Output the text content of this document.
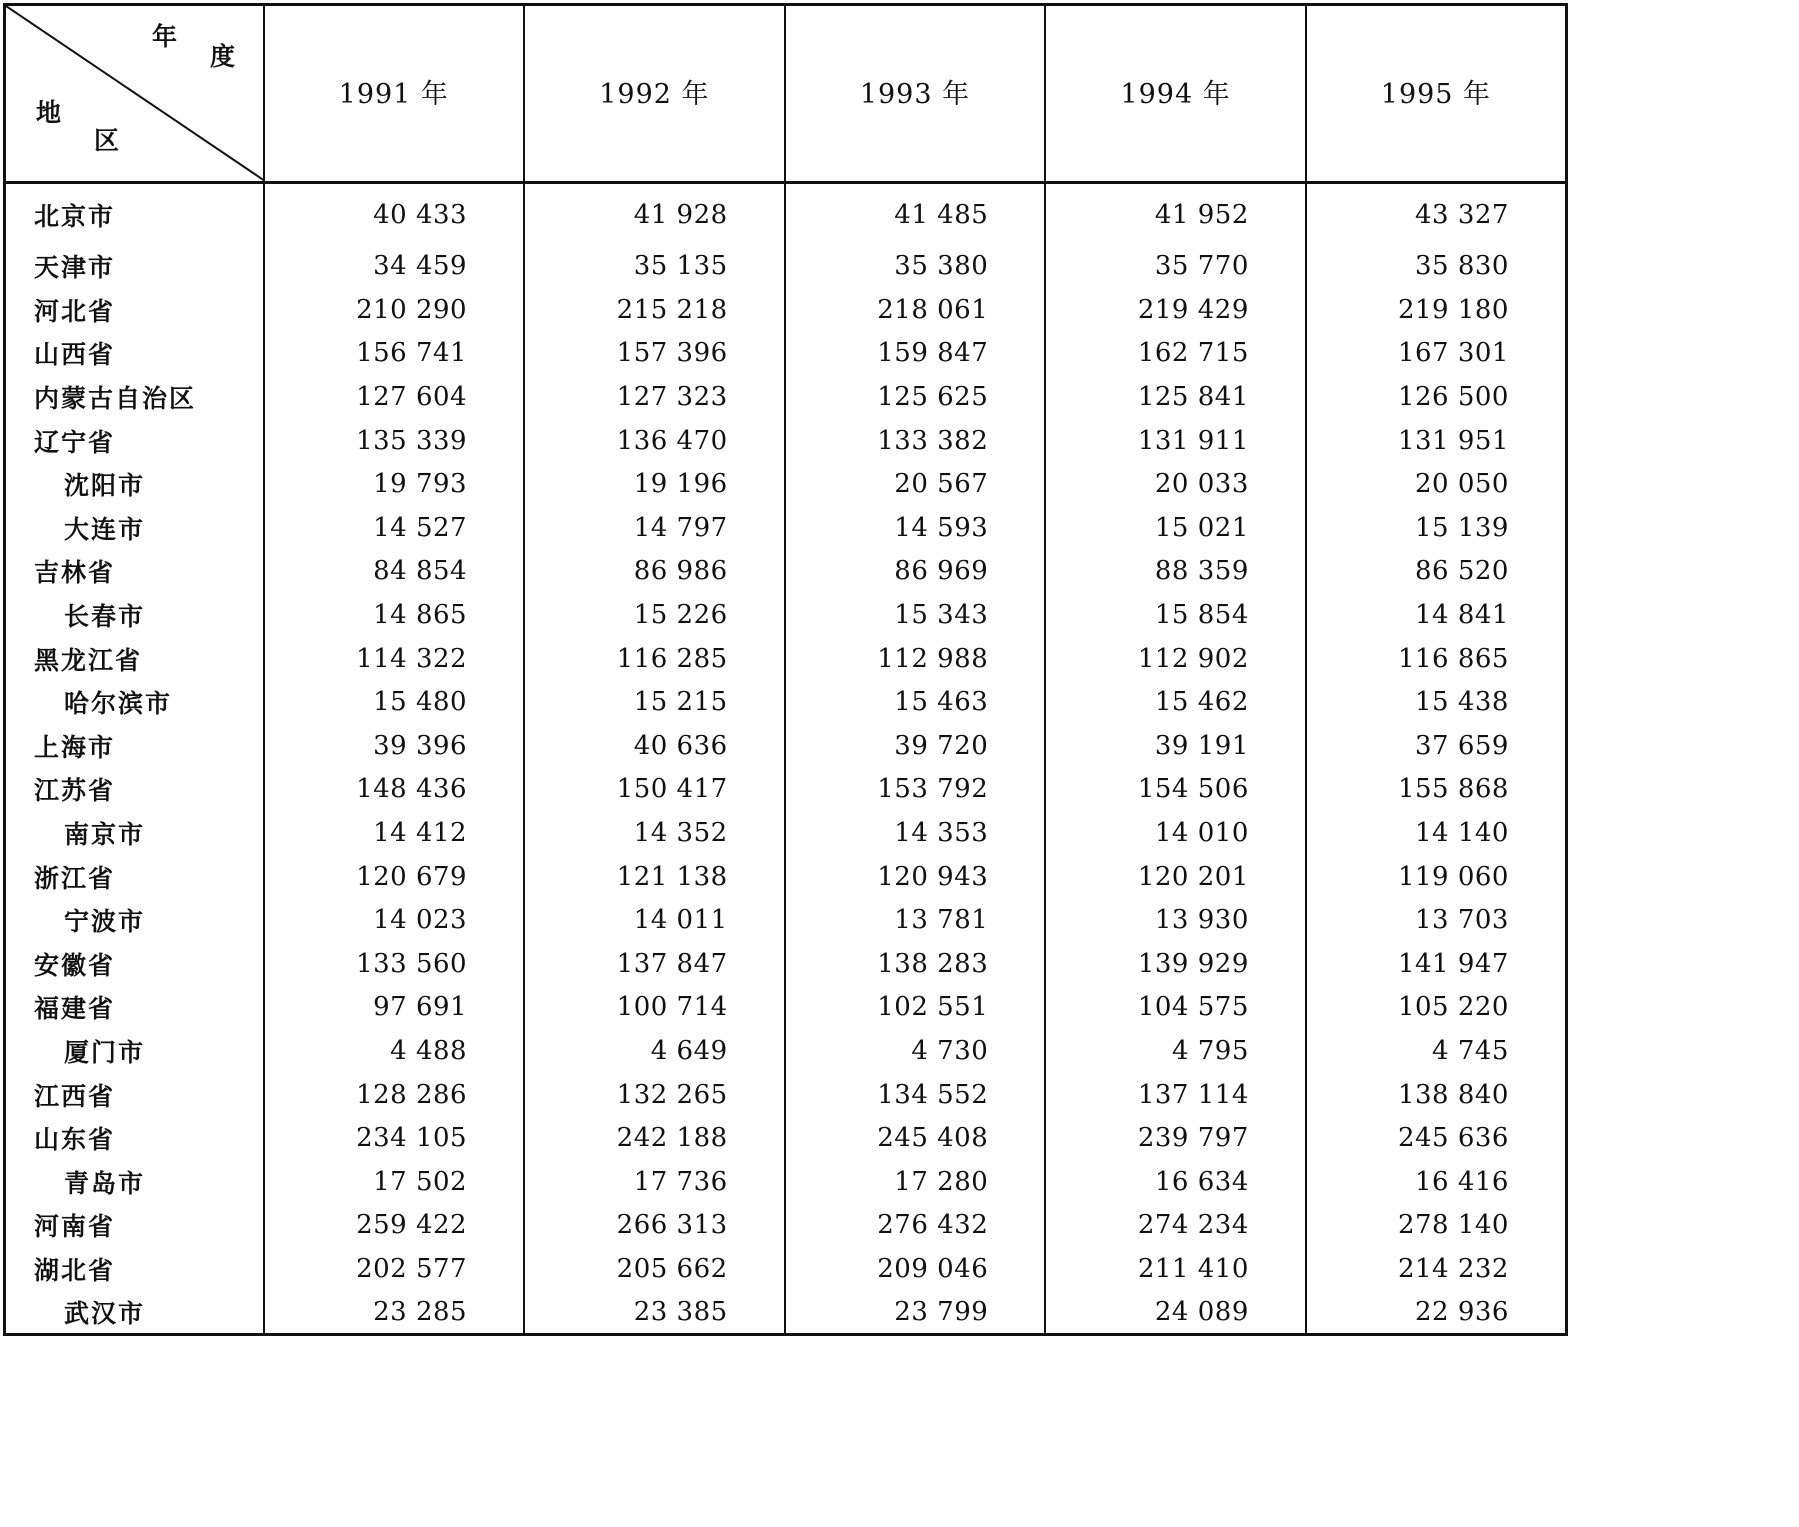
年
度
地
区	1991 年	1992 年	1993 年	1994 年	1995 年
北京市	40 433	41 928	41 485	41 952	43 327
天津市	34 459	35 135	35 380	35 770	35 830
河北省	210 290	215 218	218 061	219 429	219 180
山西省	156 741	157 396	159 847	162 715	167 301
内蒙古自治区	127 604	127 323	125 625	125 841	126 500
辽宁省	135 339	136 470	133 382	131 911	131 951
沈阳市	19 793	19 196	20 567	20 033	20 050
大连市	14 527	14 797	14 593	15 021	15 139
吉林省	84 854	86 986	86 969	88 359	86 520
长春市	14 865	15 226	15 343	15 854	14 841
黑龙江省	114 322	116 285	112 988	112 902	116 865
哈尔滨市	15 480	15 215	15 463	15 462	15 438
上海市	39 396	40 636	39 720	39 191	37 659
江苏省	148 436	150 417	153 792	154 506	155 868
南京市	14 412	14 352	14 353	14 010	14 140
浙江省	120 679	121 138	120 943	120 201	119 060
宁波市	14 023	14 011	13 781	13 930	13 703
安徽省	133 560	137 847	138 283	139 929	141 947
福建省	97 691	100 714	102 551	104 575	105 220
厦门市	4 488	4 649	4 730	4 795	4 745
江西省	128 286	132 265	134 552	137 114	138 840
山东省	234 105	242 188	245 408	239 797	245 636
青岛市	17 502	17 736	17 280	16 634	16 416
河南省	259 422	266 313	276 432	274 234	278 140
湖北省	202 577	205 662	209 046	211 410	214 232
武汉市	23 285	23 385	23 799	24 089	22 936
